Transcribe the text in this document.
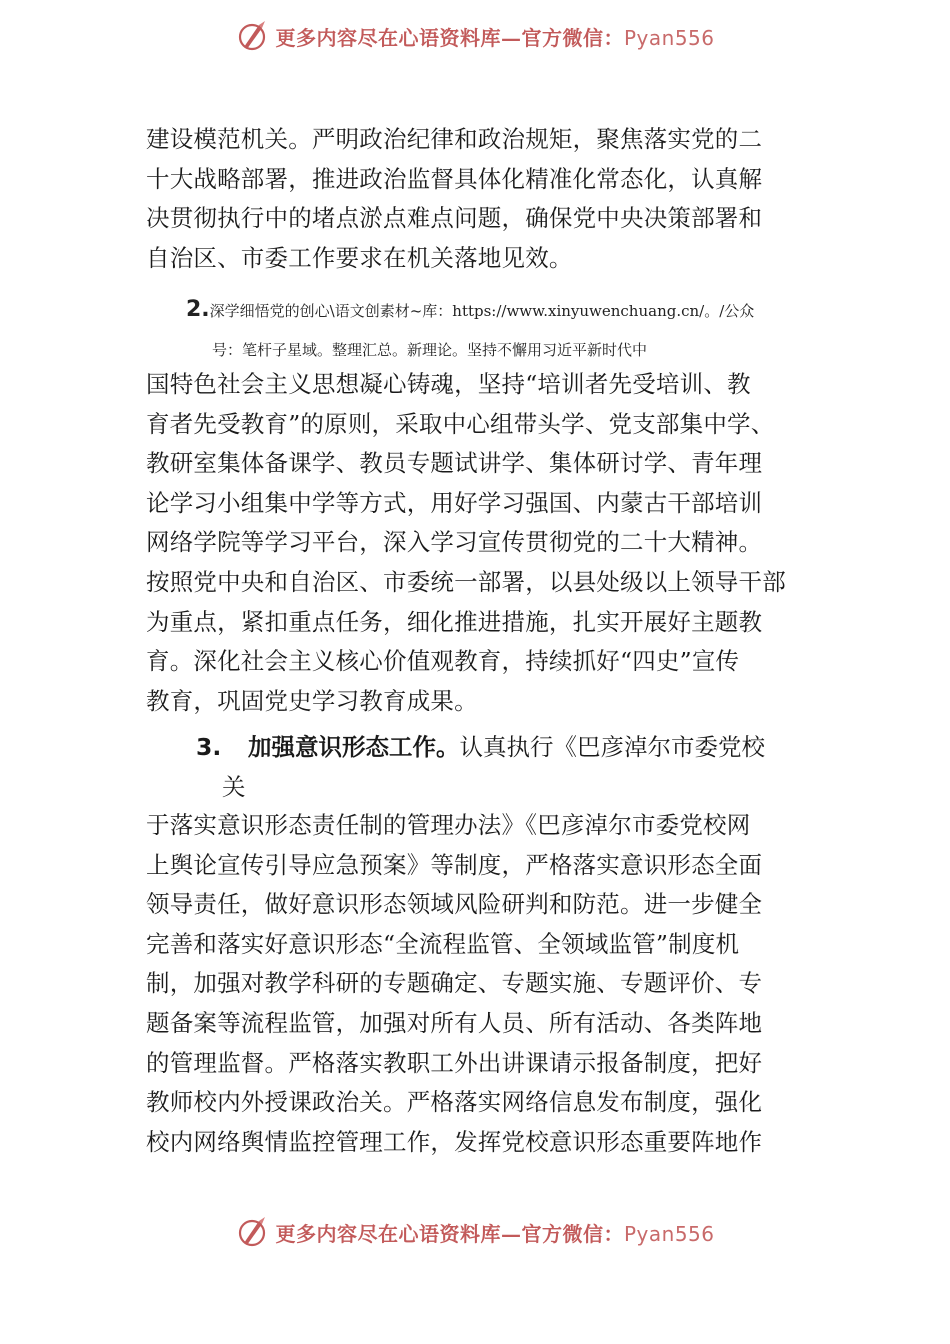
更多内容尽在心语资料库—官方微信：Pyan556
建设模范机关。严明政治纪律和政治规矩，聚焦落实党的二
十大战略部署，推进政治监督具体化精准化常态化，认真解
决贯彻执行中的堵点淤点难点问题，确保党中央决策部署和
自治区、市委工作要求在机关落地见效。
2.深学细悟党的创心\语文创素材~库：https://www.xinyuwenchuang.cn/。/公众
号：笔杆子星域。整理汇总。新理论。坚持不懈用习近平新时代中
国特色社会主义思想凝心铸魂，坚持“培训者先受培训、教
育者先受教育”的原则，采取中心组带头学、党支部集中学、
教研室集体备课学、教员专题试讲学、集体研讨学、青年理
论学习小组集中学等方式，用好学习强国、内蒙古干部培训
网络学院等学习平台，深入学习宣传贯彻党的二十大精神。
按照党中央和自治区、市委统一部署，以县处级以上领导干部
为重点，紧扣重点任务，细化推进措施，扎实开展好主题教
育。深化社会主义核心价值观教育，持续抓好“四史”宣传
教育，巩固党史学习教育成果。
3. 加强意识形态工作。认真执行《巴彦淖尔市委党校
关
于落实意识形态责任制的管理办法》《巴彦淖尔市委党校网
上舆论宣传引导应急预案》等制度，严格落实意识形态全面
领导责任，做好意识形态领域风险研判和防范。进一步健全
完善和落实好意识形态“全流程监管、全领域监管”制度机
制，加强对教学科研的专题确定、专题实施、专题评价、专
题备案等流程监管，加强对所有人员、所有活动、各类阵地
的管理监督。严格落实教职工外出讲课请示报备制度，把好
教师校内外授课政治关。严格落实网络信息发布制度，强化
校内网络舆情监控管理工作，发挥党校意识形态重要阵地作
更多内容尽在心语资料库—官方微信：Pyan556
